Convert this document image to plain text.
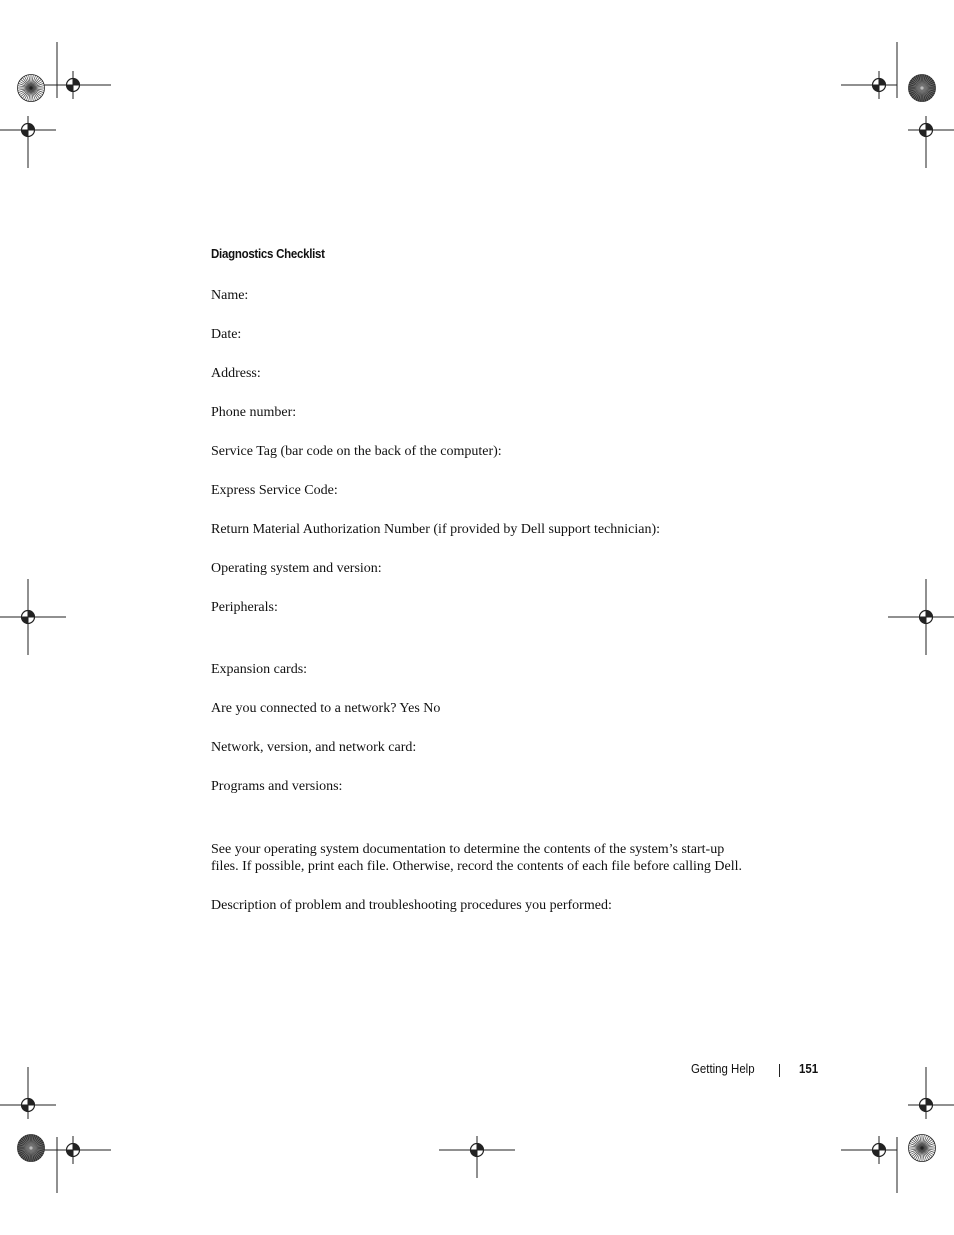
Diagnostics Checklist
Name:
Date:
Address:
Phone number:
Service Tag (bar code on the back of the computer):
Express Service Code:
Return Material Authorization Number (if provided by Dell support technician):
Operating system and version:
Peripherals:
Expansion cards:
Are you connected to a network? Yes No
Network, version, and network card:
Programs and versions:
See your operating system documentation to determine the contents of the system’s start-up
files. If possible, print each file. Otherwise, record the contents of each file before calling Dell.
Description of problem and troubleshooting procedures you performed:
Getting Help	151
